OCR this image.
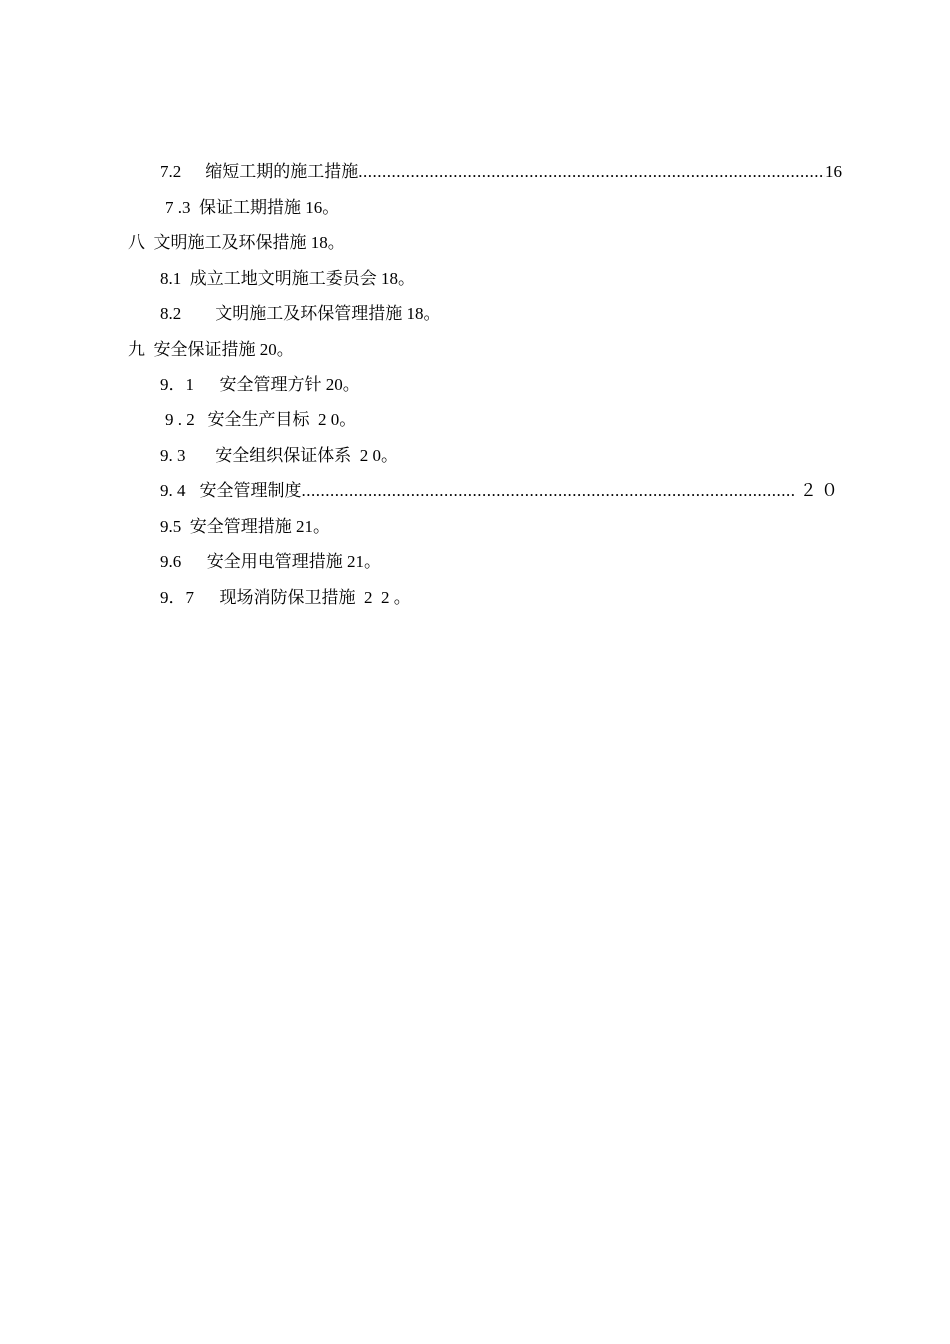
7.2 缩短工期的施工措施 .....	16
7 .3  保证工期措施 16。
八  文明施工及环保措施 18。
8.1  成立工地文明施工委员会 18。
8.2        文明施工及环保管理措施 18。
九  安全保证措施 20。
9．1      安全管理方针 20。
9 . 2   安全生产目标  2 0。
9. 3       安全组织保证体系  2 0。
9. 4 安全管理制度 .....	２ ０
9.5  安全管理措施 21。
9.6      安全用电管理措施 21。
9．7      现场消防保卫措施  2  2 。
